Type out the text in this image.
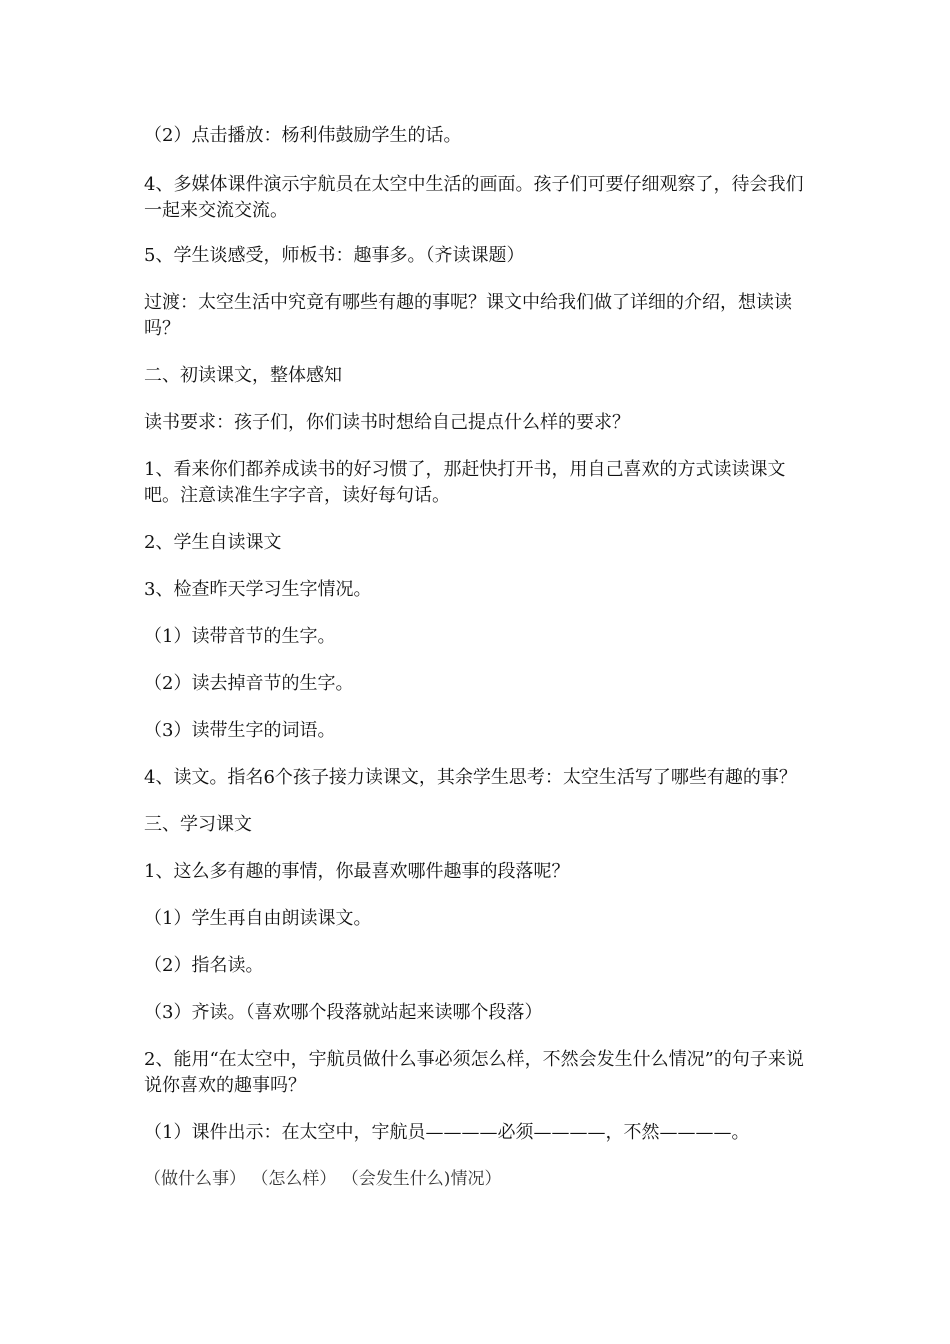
（2）点击播放：杨利伟鼓励学生的话。

4、多媒体课件演示宇航员在太空中生活的画面。孩子们可要仔细观察了，待会我们一起来交流交流。

5、学生谈感受，师板书：趣事多。（齐读课题）

过渡：太空生活中究竟有哪些有趣的事呢？课文中给我们做了详细的介绍，想读读吗？

二、初读课文，整体感知

读书要求：孩子们，你们读书时想给自己提点什么样的要求？

1、看来你们都养成读书的好习惯了，那赶快打开书，用自己喜欢的方式读读课文吧。注意读准生字字音，读好每句话。

2、学生自读课文

3、检查昨天学习生字情况。

（1）读带音节的生字。

（2）读去掉音节的生字。

（3）读带生字的词语。

4、读文。指名6个孩子接力读课文，其余学生思考：太空生活写了哪些有趣的事？

三、学习课文

1、这么多有趣的事情，你最喜欢哪件趣事的段落呢？

（1）学生再自由朗读课文。

（2）指名读。

（3）齐读。（喜欢哪个段落就站起来读哪个段落）

2、能用“在太空中，宇航员做什么事必须怎么样，不然会发生什么情况”的句子来说说你喜欢的趣事吗？

（1）课件出示：在太空中，宇航员————必须————，不然————。

（做什么事） （怎么样） （会发生什么)情况）
